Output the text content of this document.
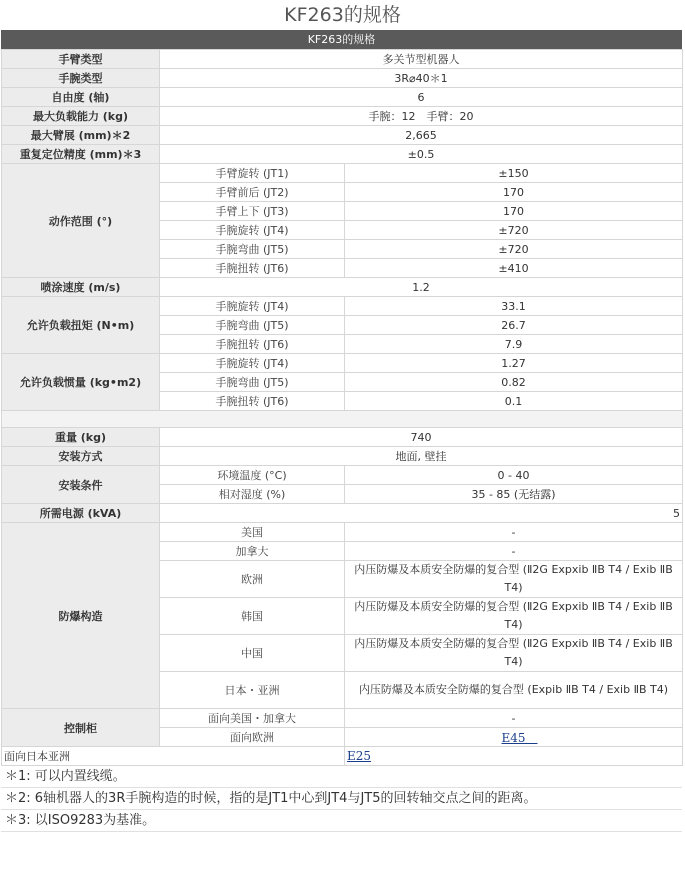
KF263的规格
KF263的规格
手臂类型	多关节型机器人	
手腕类型	3R⌀40＊1	
自由度 (轴)	6	
最大负载能力 (kg)	手腕：12　手臂：20	
最大臂展 (mm)＊2	2,665	
重复定位精度 (mm)＊3	±0.5	
动作范围 (°)	手臂旋转 (JT1)	±150
	手臂前后 (JT2)	170
	手臂上下 (JT3)	170
	手腕旋转 (JT4)	±720
	手腕弯曲 (JT5)	±720
	手腕扭转 (JT6)	±410
喷涂速度 (m/s)	1.2	
允许负载扭矩 (N•m)	手腕旋转 (JT4)	33.1
	手腕弯曲 (JT5)	26.7
	手腕扭转 (JT6)	7.9
允许负载惯量 (kg•m2)	手腕旋转 (JT4)	1.27
	手腕弯曲 (JT5)	0.82
	手腕扭转 (JT6)	0.1

重量 (kg)	740	
安装方式	地面, 壁挂	
安装条件	环境温度 (°C)	0 - 40
	相对湿度 (%)	35 - 85 (无结露)
所需电源 (kVA)	5	
防爆构造	美国	-
	加拿大	-
	欧洲	内压防爆及本质安全防爆的复合型 (Ⅱ2G Expxib ⅡB T4 / Exib ⅡB T4)
	韩国	内压防爆及本质安全防爆的复合型 (Ⅱ2G Expxib ⅡB T4 / Exib ⅡB T4)
	中国	内压防爆及本质安全防爆的复合型 (Ⅱ2G Expxib ⅡB T4 / Exib ⅡB T4)
	日本・亚洲	内压防爆及本质安全防爆的复合型 (Expib ⅡB T4 / Exib ⅡB T4)
控制柜	面向美国・加拿大	-
	面向欧洲	E45　
面向日本亚洲		E25
＊1: 可以内置线缆。
＊2: 6轴机器人的3R手腕构造的时候，指的是JT1中心到JT4与JT5的回转轴交点之间的距离。
＊3: 以ISO9283为基准。
